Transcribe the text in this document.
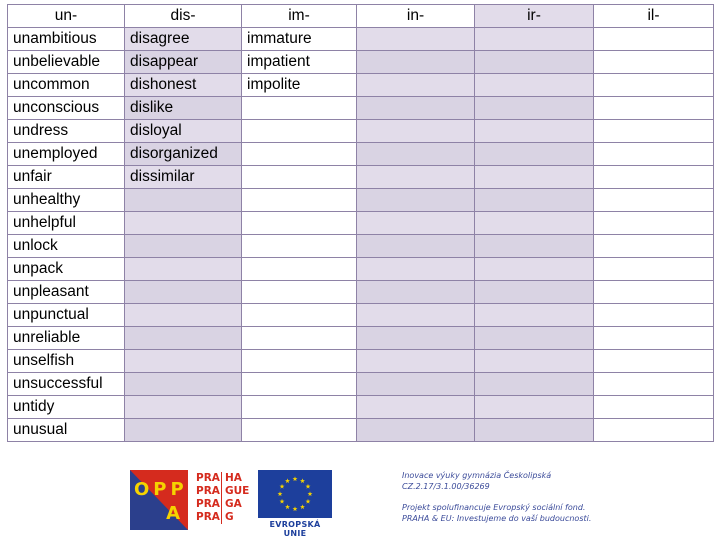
un-	dis-	im-	in-	ir-	il-
unambitious	disagree	immature			
unbelievable	disappear	impatient			
uncommon	dishonest	impolite			
unconscious	dislike				
undress	disloyal				
unemployed	disorganized				
unfair	dissimilar				
unhealthy					
unhelpful					
unlock					
unpack					
unpleasant					
unpunctual					
unreliable					
unselfish					
unsuccessful					
untidy					
unusual					
OPP
A
PRA HA
PRA GUE
PRA GA
PRA G
EVROPSKÁ UNIE
Inovace výuky gymnázia Českolipská
CZ.2.17/3.1.00/36269
Projekt spolufinancuje Evropský sociální fond.
PRAHA & EU: Investujeme do vaší budoucnosti.
